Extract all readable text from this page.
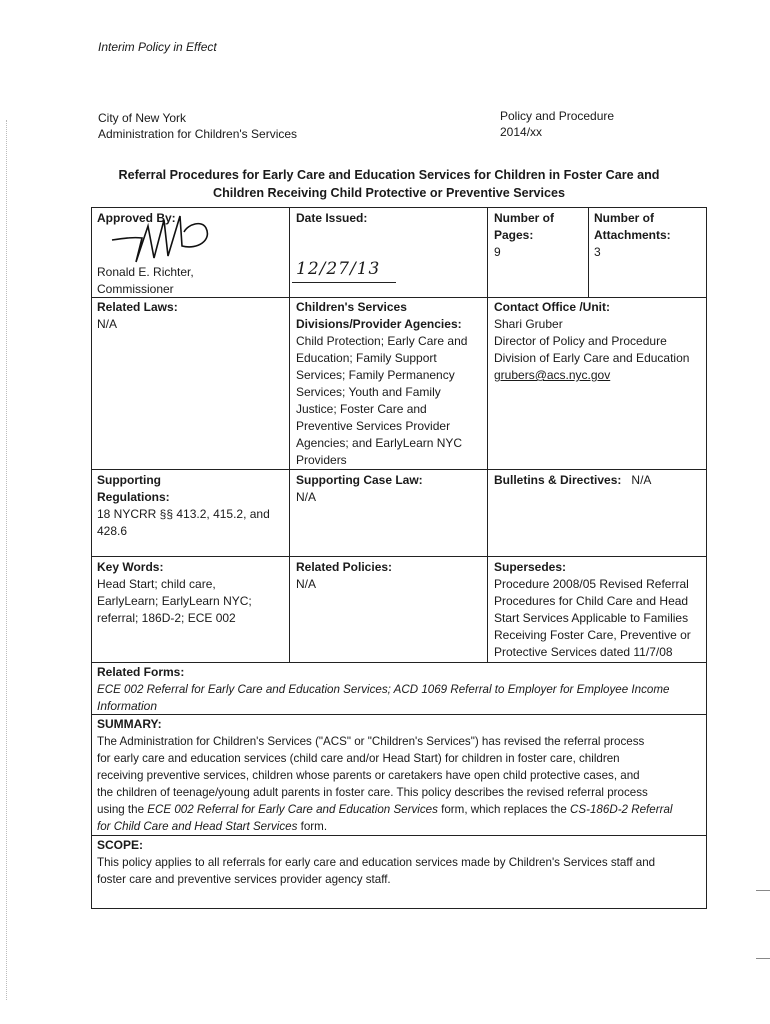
Interim Policy in Effect
City of New York
Administration for Children's Services
Policy and Procedure
2014/xx
Referral Procedures for Early Care and Education Services for Children in Foster Care and
Children Receiving Child Protective or Preventive Services
Approved By:
Ronald E. Richter,
Commissioner
Date Issued:
12/27/13
Number of
Pages:
9
Number of
Attachments:
3
Related Laws:
N/A
Children's Services
Divisions/Provider Agencies:
Child Protection; Early Care and
Education; Family Support
Services; Family Permanency
Services; Youth and Family
Justice; Foster Care and
Preventive Services Provider
Agencies; and EarlyLearn NYC
Providers
Contact Office /Unit:
Shari Gruber
Director of Policy and Procedure
Division of Early Care and Education
grubers@acs.nyc.gov
Supporting
Regulations:
18 NYCRR §§ 413.2, 415.2, and
428.6
Supporting Case Law:
N/A
Bulletins & Directives: N/A
Key Words:
Head Start; child care,
EarlyLearn; EarlyLearn NYC;
referral; 186D-2; ECE 002
Related Policies:
N/A
Supersedes:
Procedure 2008/05 Revised Referral
Procedures for Child Care and Head
Start Services Applicable to Families
Receiving Foster Care, Preventive or
Protective Services dated 11/7/08
Related Forms:
ECE 002 Referral for Early Care and Education Services; ACD 1069 Referral to Employer for Employee Income
Information
SUMMARY:
The Administration for Children's Services ("ACS" or "Children's Services") has revised the referral process
for early care and education services (child care and/or Head Start) for children in foster care, children
receiving preventive services, children whose parents or caretakers have open child protective cases, and
the children of teenage/young adult parents in foster care. This policy describes the revised referral process
using the ECE 002 Referral for Early Care and Education Services form, which replaces the CS-186D-2 Referral
for Child Care and Head Start Services form.
SCOPE:
This policy applies to all referrals for early care and education services made by Children's Services staff and
foster care and preventive services provider agency staff.
